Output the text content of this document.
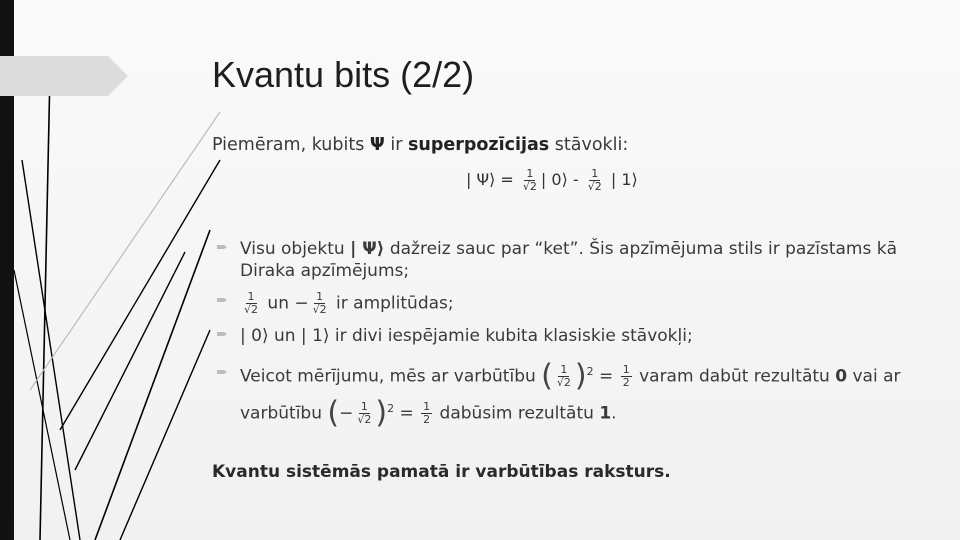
Kvantu bits (2/2)
Piemēram, kubits Ψ ir superpozīcijas stāvokli:
| Ψ⟩ = $\frac{1}{√2}$ | 0⟩ - $\frac{1}{√2}$ | 1⟩
Visu objektu | Ψ⟩ dažreiz sauc par “ket”. Šis apzīmējuma stils ir pazīstams kā Diraka apzīmējums;
$\frac{1}{√2}$ un − $\frac{1}{√2}$ ir amplitūdas;
| 0⟩ un | 1⟩ ir divi iespējamie kubita klasiskie stāvokļi;
Veicot mērījumu, mēs ar varbūtību ( $\frac{1}{√2} )^2 = \frac{1}{2}$ varam dabūt rezultātu 0 vai ar varbūtību (− $\frac{1}{√2} )^2 = \frac{1}{2}$ dabūsim rezultātu 1.
Kvantu sistēmās pamatā ir varbūtības raksturs.
